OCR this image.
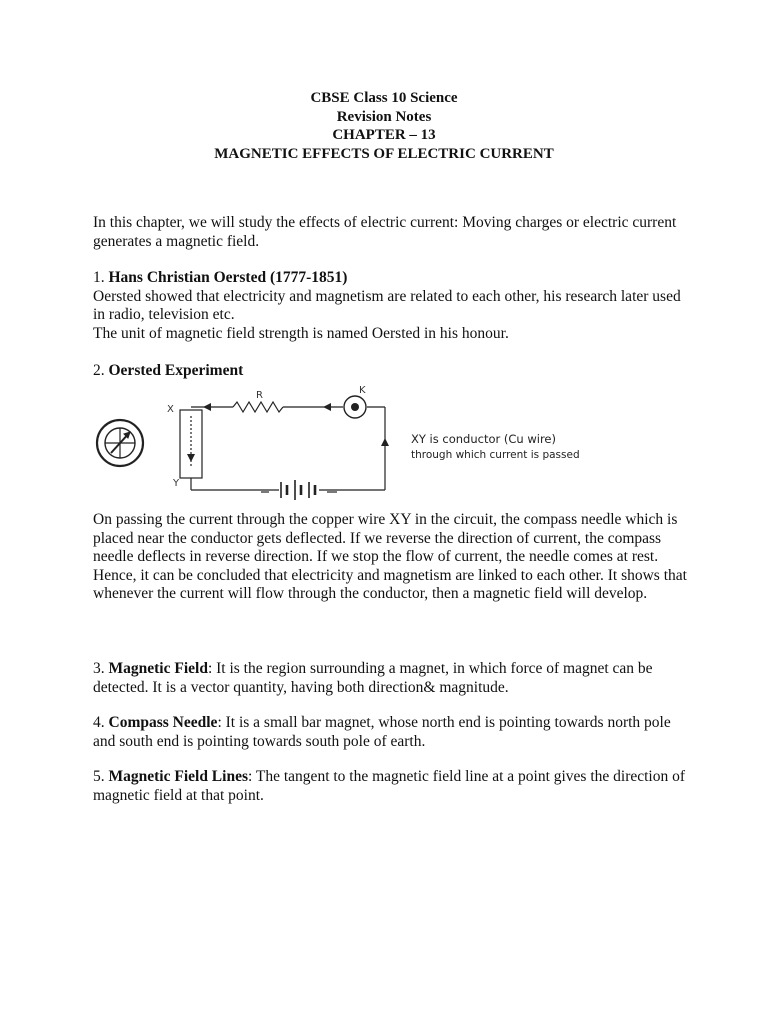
CBSE Class 10 Science
Revision Notes
CHAPTER – 13
MAGNETIC EFFECTS OF ELECTRIC CURRENT

In this chapter, we will study the effects of electric current: Moving charges or electric current generates a magnetic field.

1. Hans Christian Oersted (1777-1851)

Oersted showed that electricity and magnetism are related to each other, his research later used in radio, television etc.

The unit of magnetic field strength is named Oersted in his honour.

2. Oersted Experiment

X
Y
R	K
XY is conductor (Cu wire)
through which current is passed

On passing the current through the copper wire XY in the circuit, the compass needle which is placed near the conductor gets deflected. If we reverse the direction of current, the compass needle deflects in reverse direction. If we stop the flow of current, the needle comes at rest.

Hence, it can be concluded that electricity and magnetism are linked to each other. It shows that whenever the current will flow through the conductor, then a magnetic field will develop.

3. Magnetic Field: It is the region surrounding a magnet, in which force of magnet can be detected. It is a vector quantity, having both direction& magnitude.

4. Compass Needle: It is a small bar magnet, whose north end is pointing towards north pole and south end is pointing towards south pole of earth.

5. Magnetic Field Lines: The tangent to the magnetic field line at a point gives the direction of magnetic field at that point.
